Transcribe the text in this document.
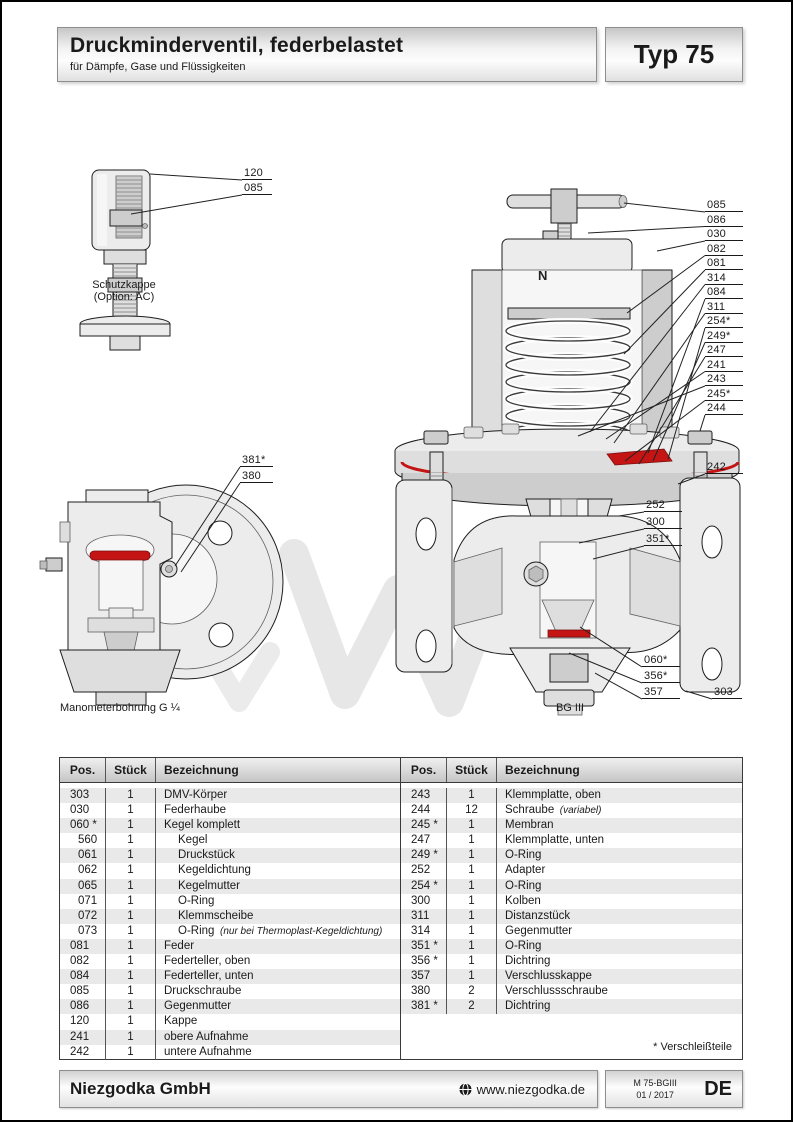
Druckminderventil, federbelastet
für Dämpfe, Gase und Flüssigkeiten	Typ 75
N
120
085
085
086
030
082
081
314
084
311
254*
249*
247
241
243
245*
244
242
252
300
351*
060*
356*
357	303
381*
380
Schutzkappe
(Option: AC)
Manometerbohrung G ¼	BG III
Pos.	Stück	Bezeichnung
303	1	DMV-Körper
030	1	Federhaube
060 *	1	Kegel komplett
560	1	Kegel
061	1	Druckstück
062	1	Kegeldichtung
065	1	Kegelmutter
071	1	O-Ring
072	1	Klemmscheibe
073	1	O-Ring  (nur bei Thermoplast-Kegeldichtung)
081	1	Feder
082	1	Federteller, oben
084	1	Federteller, unten
085	1	Druckschraube
086	1	Gegenmutter
120	1	Kappe
241	1	obere Aufnahme
242	1	untere Aufnahme
Pos.	Stück	Bezeichnung
243	1	Klemmplatte, oben
244	12	Schraube  (variabel)
245 *	1	Membran
247	1	Klemmplatte, unten
249 *	1	O-Ring
252	1	Adapter
254 *	1	O-Ring
300	1	Kolben
311	1	Distanzstück
314	1	Gegenmutter
351 *	1	O-Ring
356 *	1	Dichtring
357	1	Verschlusskappe
380	2	Verschlussschraube
381 *	2	Dichtring
* Verschleißteile
Niezgodka GmbH	www.niezgodka.de	M 75-BGIII
01 / 2017	DE
